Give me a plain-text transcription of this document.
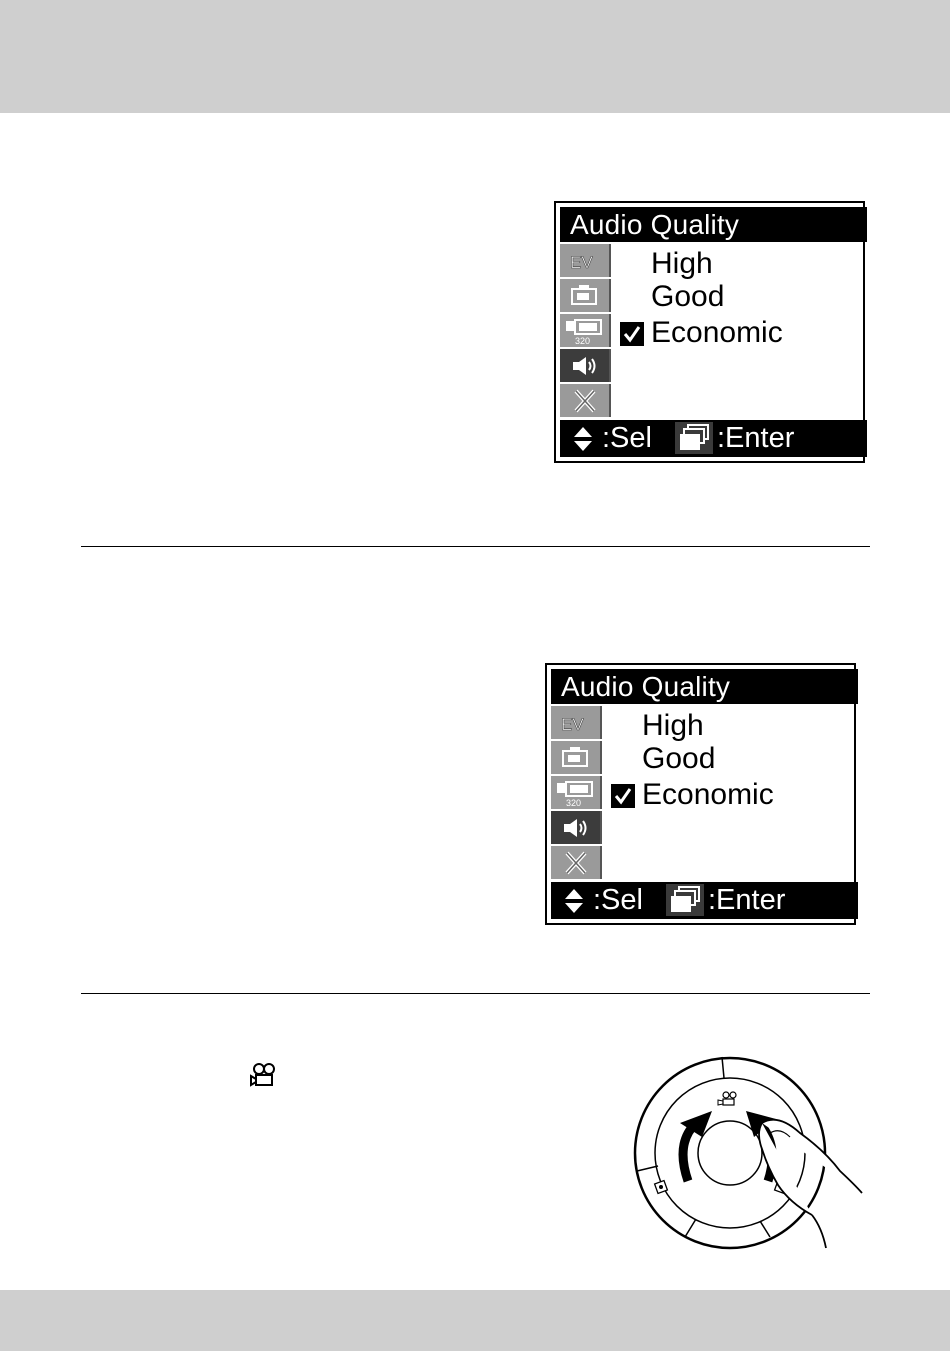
Audio Quality
EV
320
High
Good
Economic
:Sel :Enter
Audio Quality
EV
320
High
Good
Economic
:Sel :Enter
